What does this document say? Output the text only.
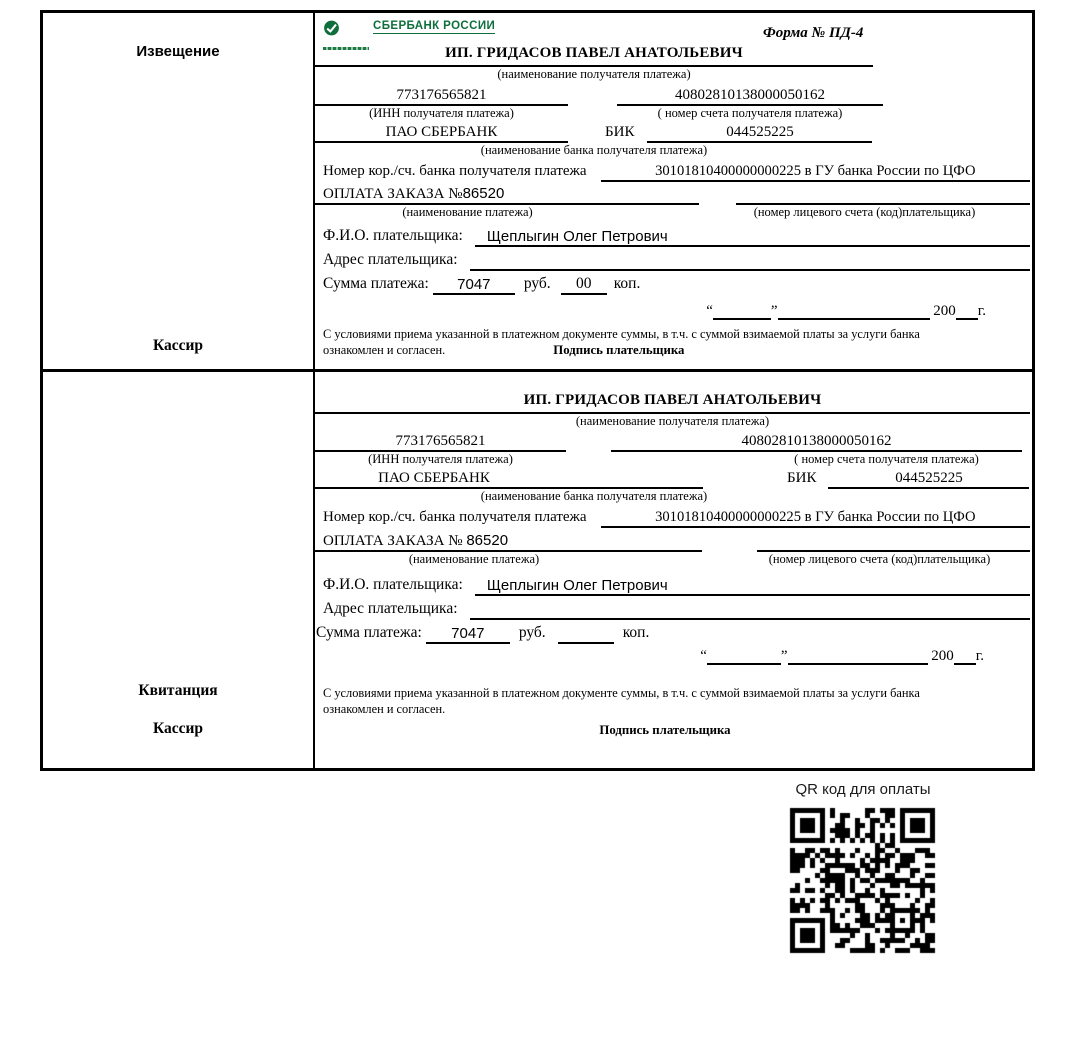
Извещение
Кассир
СБЕРБАНК РОССИИ	Форма № ПД-4
ИП. ГРИДАСОВ ПАВЕЛ АНАТОЛЬЕВИЧ
(наименование получателя платежа)
773176565821	40802810138000050162
(ИНН получателя платежа)	( номер счета получателя платежа)
ПАО СБЕРБАНК	БИК	044525225
(наименование банка получателя платежа)
Номер кор./сч. банка получателя платежа	30101810400000000225 в ГУ банка России по ЦФО
ОПЛАТА ЗАКАЗА №86520
(наименование платежа)	(номер лицевого счета (код)плательщика)
Ф.И.О. плательщика:	Щеплыгин Олег Петрович
Адрес плательщика:
Сумма платежа:	7047	руб.	00	коп.
“	”	200 г.
С условиями приема указанной в платежном документе суммы, в т.ч. с суммой взимаемой платы за услуги банка
ознакомлен и согласен.	Подпись плательщика
Квитанция
Кассир
ИП. ГРИДАСОВ ПАВЕЛ АНАТОЛЬЕВИЧ
(наименование получателя платежа)
773176565821	40802810138000050162
(ИНН получателя платежа)	( номер счета получателя платежа)
ПАО СБЕРБАНК	БИК	044525225
(наименование банка получателя платежа)
Номер кор./сч. банка получателя платежа	30101810400000000225 в ГУ банка России по ЦФО
ОПЛАТА ЗАКАЗА № 86520
(наименование платежа)	(номер лицевого счета (код)плательщика)
Ф.И.О. плательщика:	Щеплыгин Олег Петрович
Адрес плательщика:
Сумма платежа:	7047	руб.	коп.
“	”	200 г.
С условиями приема указанной в платежном документе суммы, в т.ч. с суммой взимаемой платы за услуги банка
ознакомлен и согласен.
Подпись плательщика
QR код для оплаты
